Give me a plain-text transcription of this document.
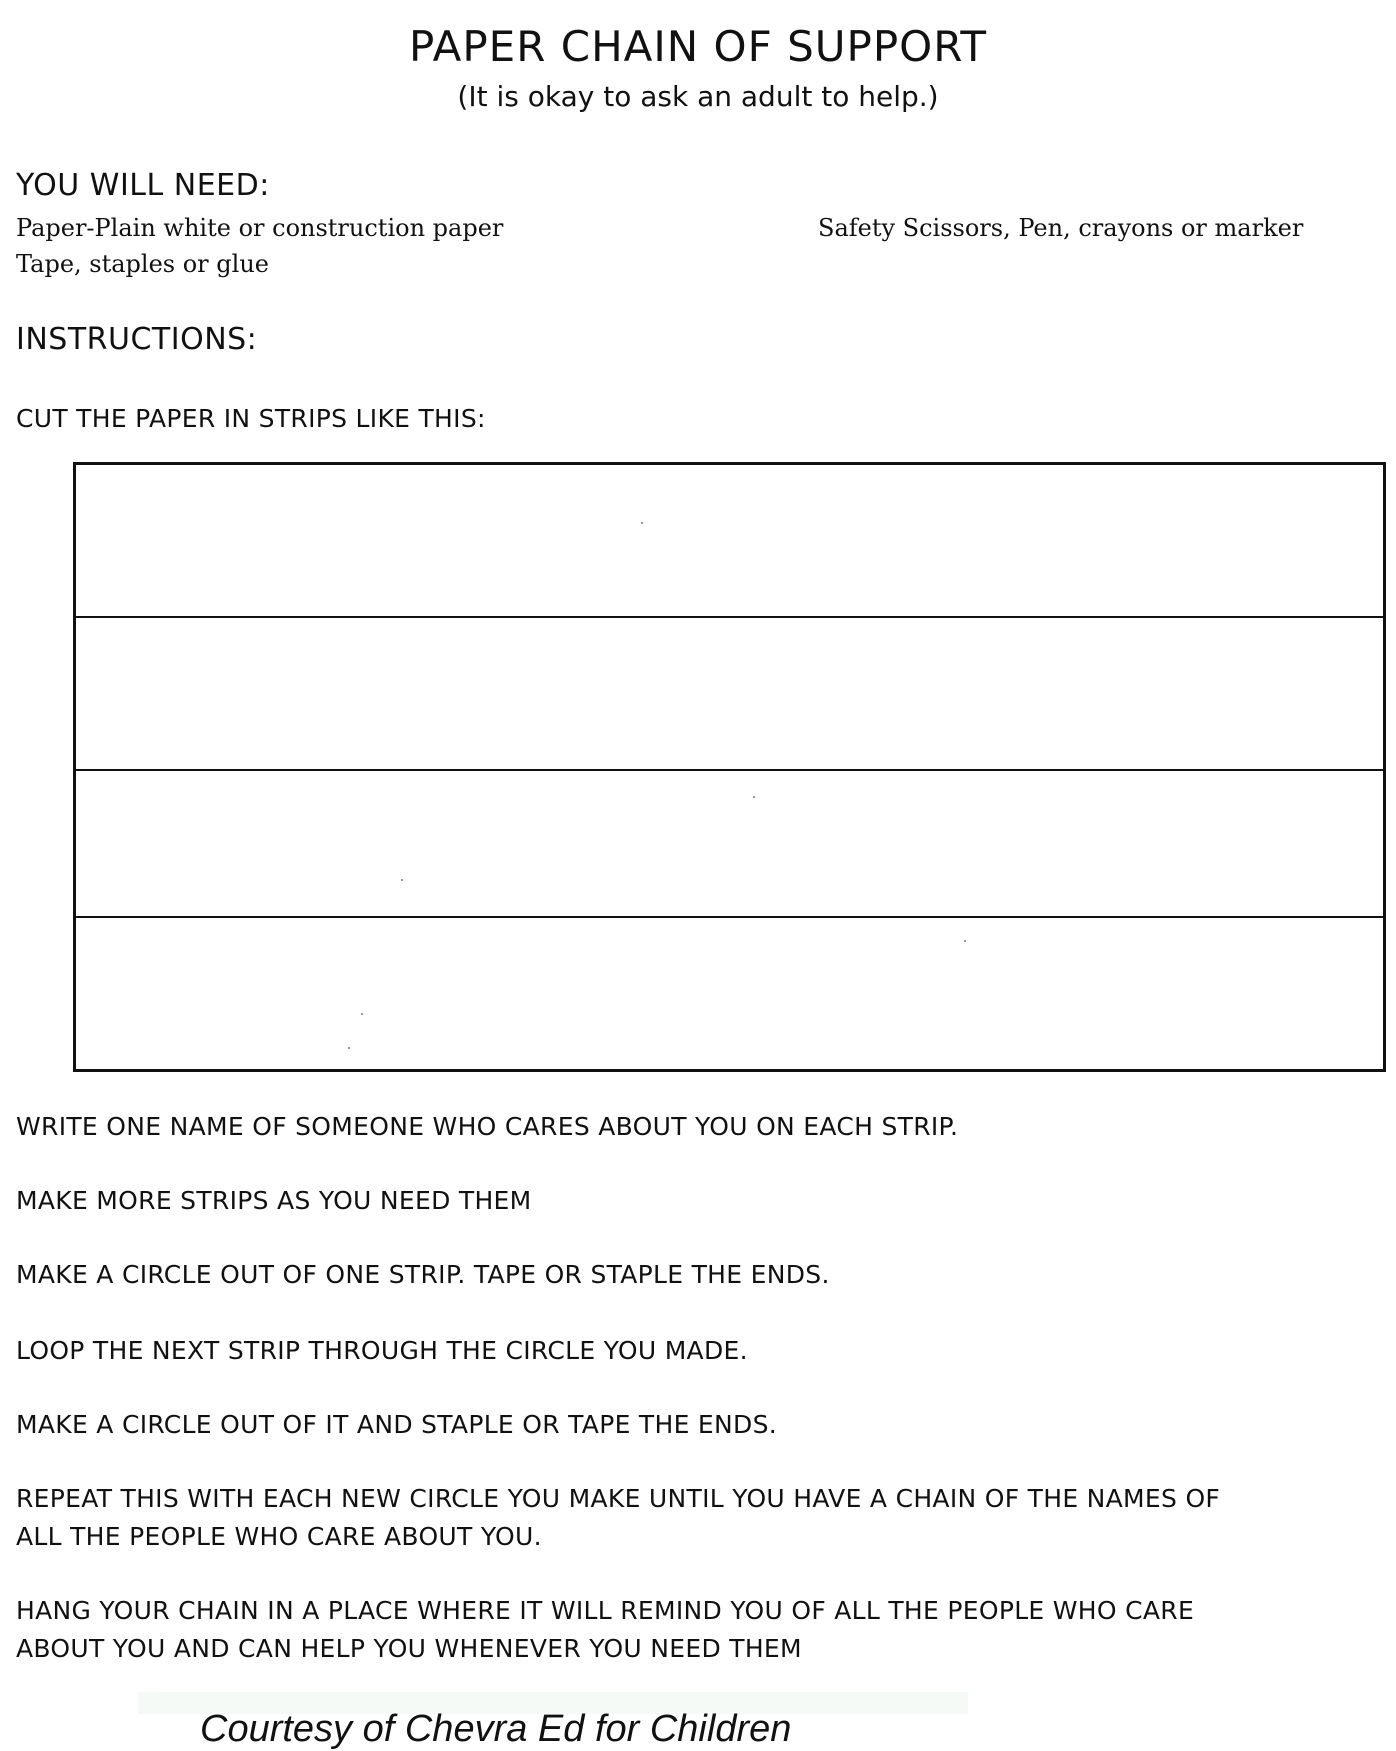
PAPER CHAIN OF SUPPORT
(It is okay to ask an adult to help.)
YOU WILL NEED:
Paper-Plain white or construction paper	Safety Scissors, Pen, crayons or marker
Tape, staples or glue
INSTRUCTIONS:
CUT THE PAPER IN STRIPS LIKE THIS:
WRITE ONE NAME OF SOMEONE WHO CARES ABOUT YOU ON EACH STRIP.
MAKE MORE STRIPS AS YOU NEED THEM
MAKE A CIRCLE OUT OF ONE STRIP. TAPE OR STAPLE THE ENDS.
LOOP THE NEXT STRIP THROUGH THE CIRCLE YOU MADE.
MAKE A CIRCLE OUT OF IT AND STAPLE OR TAPE THE ENDS.
REPEAT THIS WITH EACH NEW CIRCLE YOU MAKE UNTIL YOU HAVE A CHAIN OF THE NAMES OF
ALL THE PEOPLE WHO CARE ABOUT YOU.
HANG YOUR CHAIN IN A PLACE WHERE IT WILL REMIND YOU OF ALL THE PEOPLE WHO CARE
ABOUT YOU AND CAN HELP YOU WHENEVER YOU NEED THEM
Courtesy of Chevra Ed for Children
